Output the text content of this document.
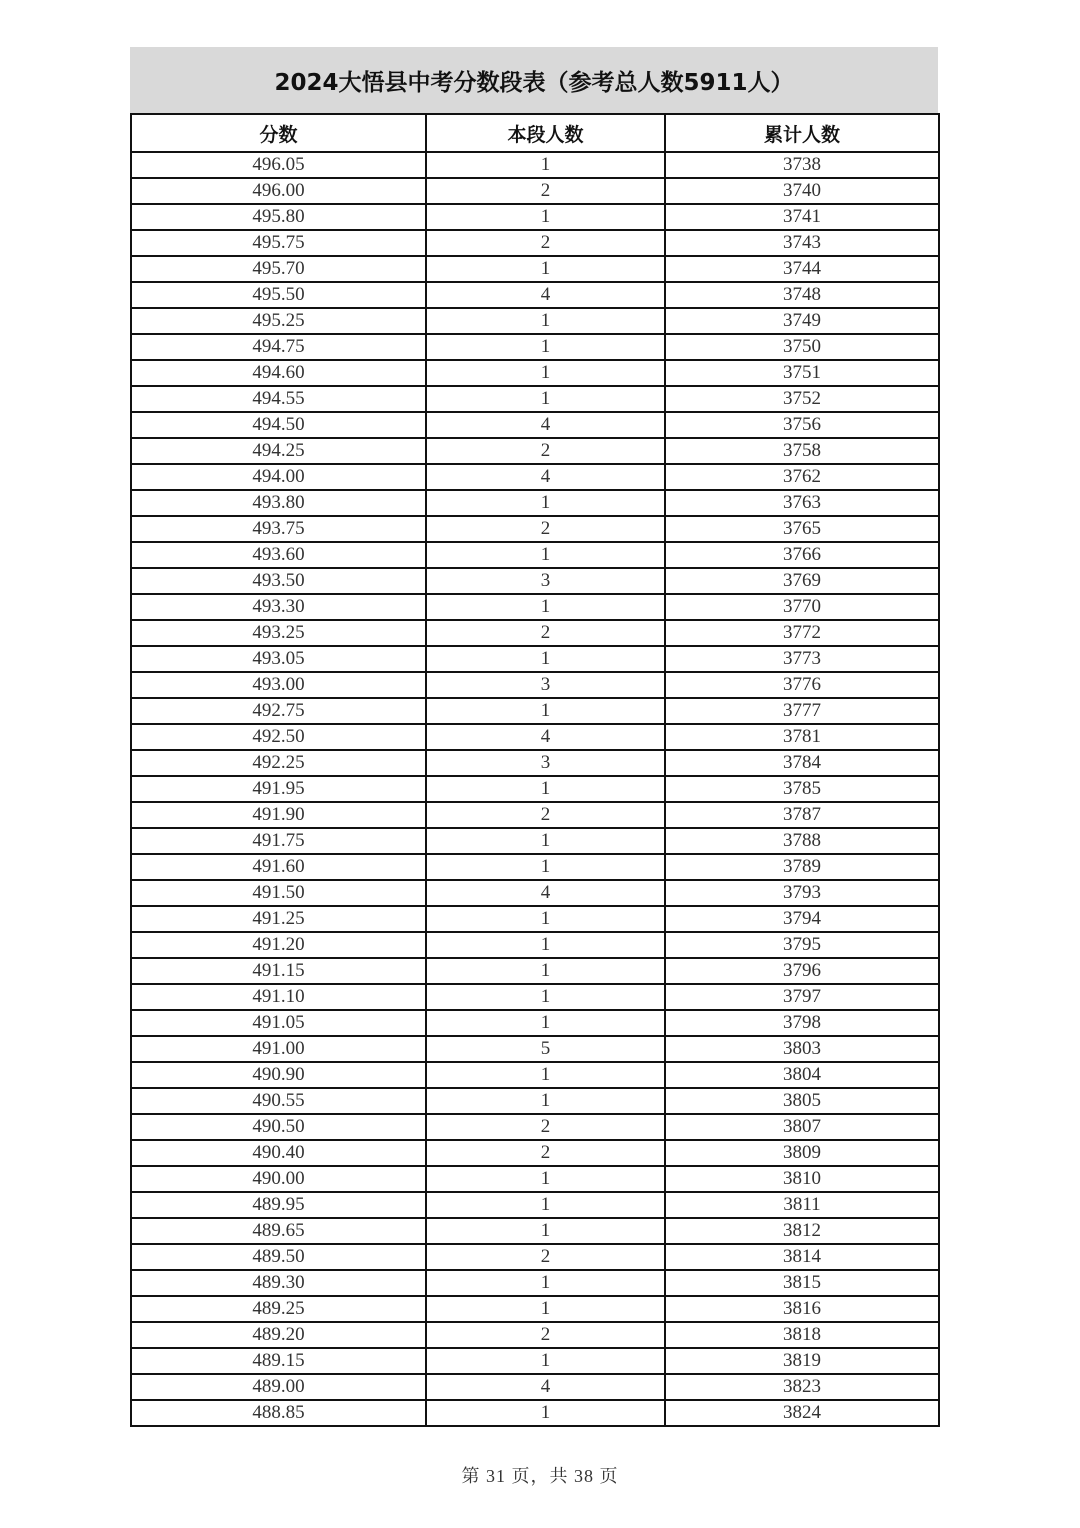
2024大悟县中考分数段表（参考总人数5911人）
分数	本段人数	累计人数
496.05	1	3738
496.00	2	3740
495.80	1	3741
495.75	2	3743
495.70	1	3744
495.50	4	3748
495.25	1	3749
494.75	1	3750
494.60	1	3751
494.55	1	3752
494.50	4	3756
494.25	2	3758
494.00	4	3762
493.80	1	3763
493.75	2	3765
493.60	1	3766
493.50	3	3769
493.30	1	3770
493.25	2	3772
493.05	1	3773
493.00	3	3776
492.75	1	3777
492.50	4	3781
492.25	3	3784
491.95	1	3785
491.90	2	3787
491.75	1	3788
491.60	1	3789
491.50	4	3793
491.25	1	3794
491.20	1	3795
491.15	1	3796
491.10	1	3797
491.05	1	3798
491.00	5	3803
490.90	1	3804
490.55	1	3805
490.50	2	3807
490.40	2	3809
490.00	1	3810
489.95	1	3811
489.65	1	3812
489.50	2	3814
489.30	1	3815
489.25	1	3816
489.20	2	3818
489.15	1	3819
489.00	4	3823
488.85	1	3824
第 31 页，共 38 页
